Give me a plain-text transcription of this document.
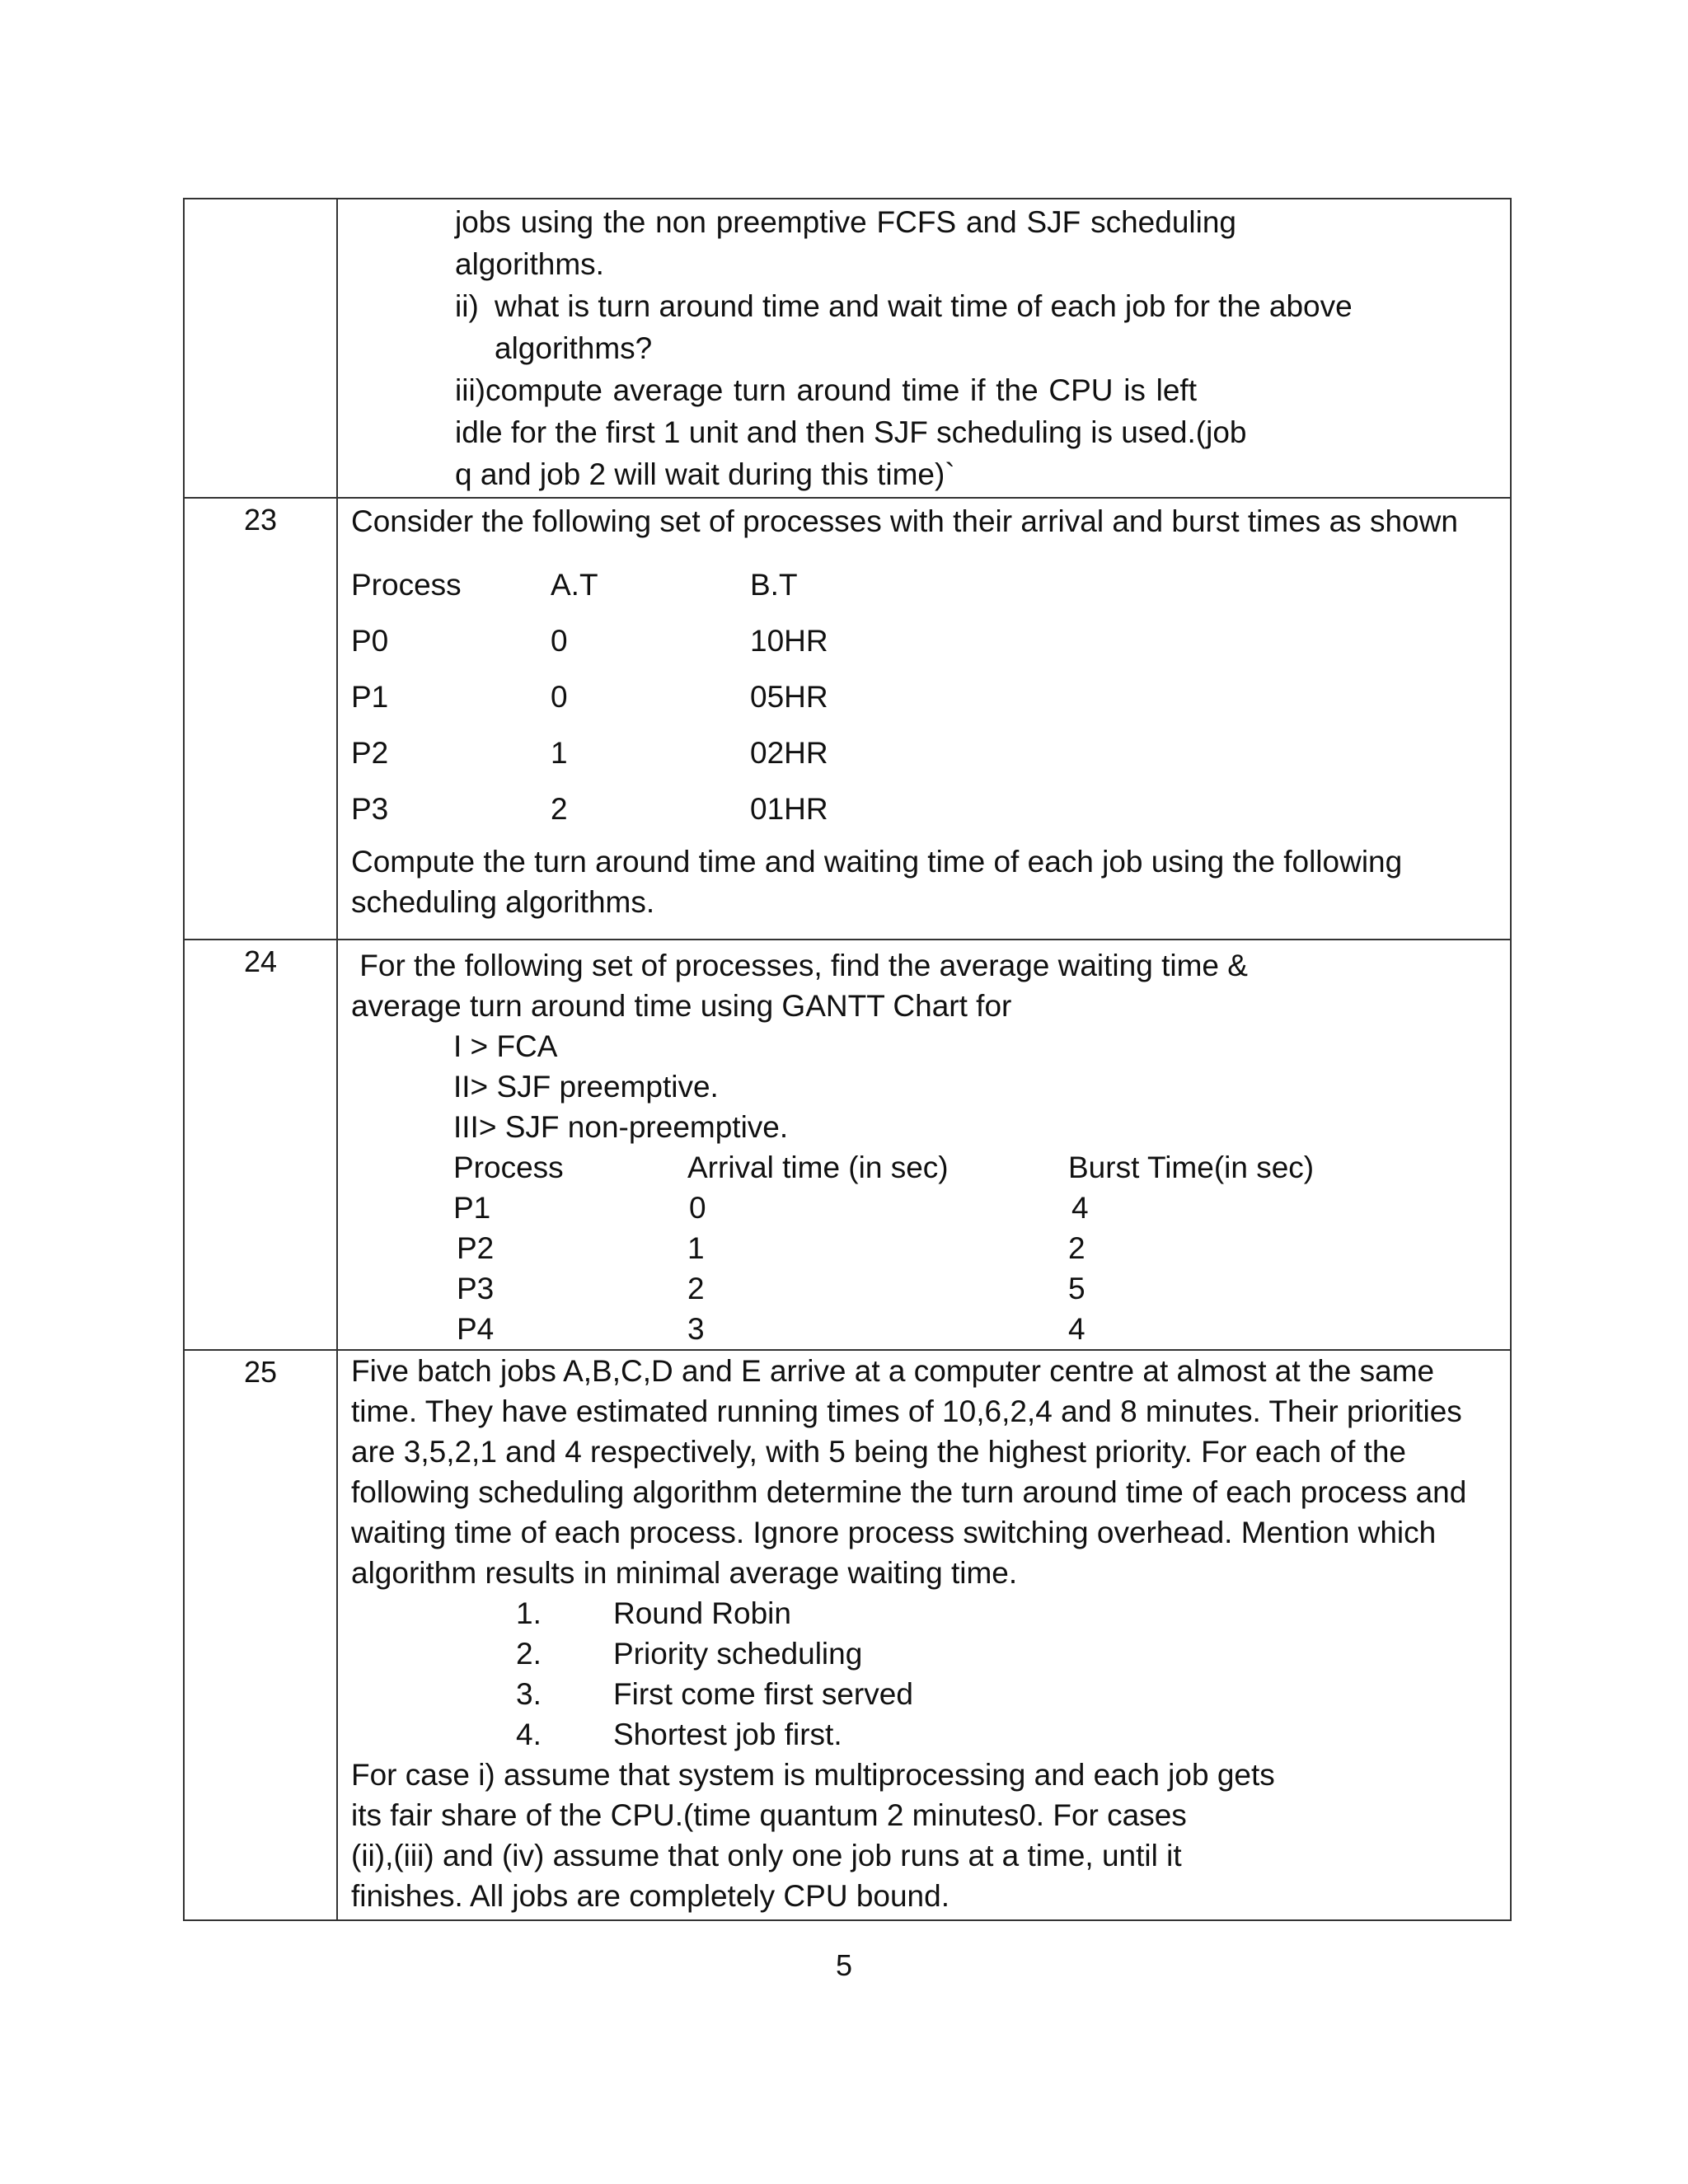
jobs using the non preemptive FCFS and SJF scheduling
algorithms.
ii) what is turn around time and wait time of each job for the above
algorithms?
iii)compute average turn around time if the CPU is left
idle for the first 1 unit and then SJF scheduling is used.(job
q and job 2 will wait during this time)`

23	Consider the following set of processes with their arrival and burst times as shown
Process	A.T	B.T
P0	0	10HR
P1	0	05HR
P2	1	02HR
P3	2	01HR
Compute the turn around time and waiting time of each job using the following
scheduling algorithms.

24	For the following set of processes, find the average waiting time &
average turn around time using GANTT Chart for
I > FCA
II> SJF preemptive.
III> SJF non-preemptive.
Process	Arrival time (in sec)	Burst Time(in sec)
P1	0	4
P2	1	2
P3	2	5
P4	3	4

25	Five batch jobs A,B,C,D and E arrive at a computer centre at almost at the same
time. They have estimated running times of 10,6,2,4 and 8 minutes. Their priorities
are 3,5,2,1 and 4 respectively, with 5 being the highest priority. For each of the
following scheduling algorithm determine the turn around time of each process and
waiting time of each process. Ignore process switching overhead. Mention which
algorithm results in minimal average waiting time.
1.	Round Robin
2.	Priority scheduling
3.	First come first served
4.	Shortest job first.
For case i) assume that system is multiprocessing and each job gets
its fair share of the CPU.(time quantum 2 minutes0. For cases
(ii),(iii) and (iv) assume that only one job runs at a time, until it
finishes. All jobs are completely CPU bound.
5
